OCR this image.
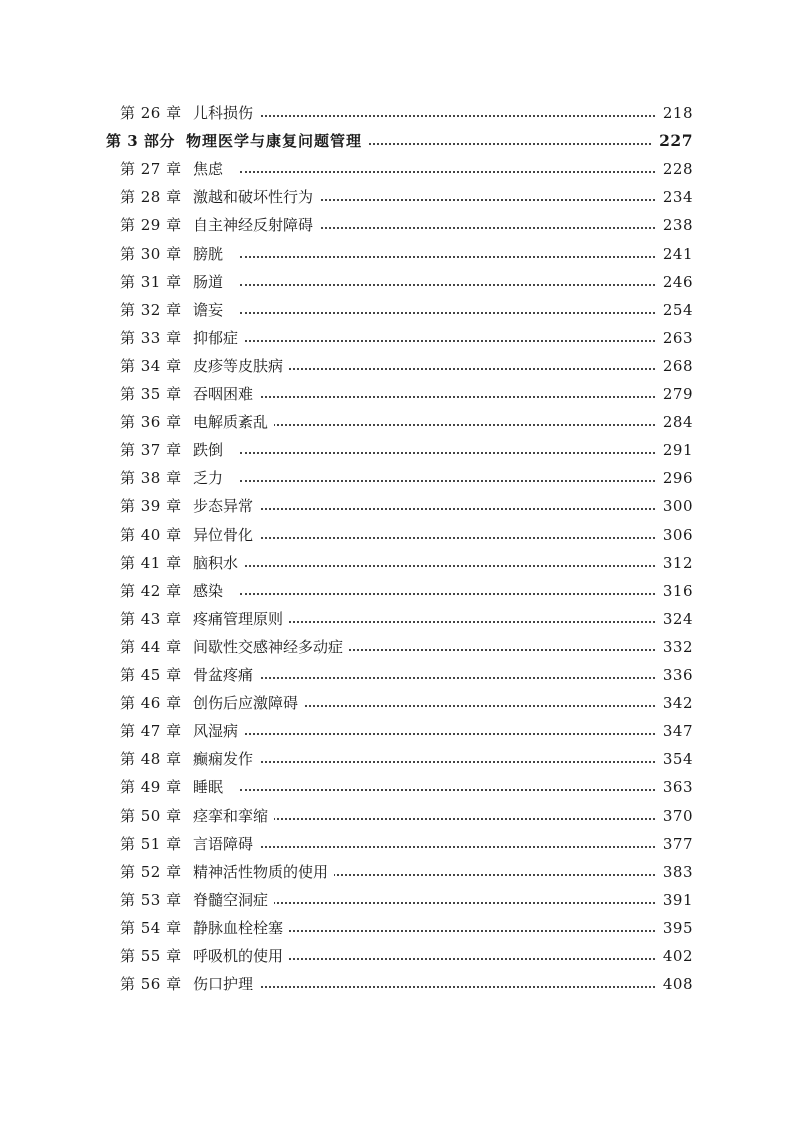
第 26 章 儿科损伤	218
第 3 部分 物理医学与康复问题管理	227
第 27 章 焦虑	228
第 28 章 激越和破坏性行为	234
第 29 章 自主神经反射障碍	238
第 30 章 膀胱	241
第 31 章 肠道	246
第 32 章 谵妄	254
第 33 章 抑郁症	263
第 34 章 皮疹等皮肤病	268
第 35 章 吞咽困难	279
第 36 章 电解质紊乱	284
第 37 章 跌倒	291
第 38 章 乏力	296
第 39 章 步态异常	300
第 40 章 异位骨化	306
第 41 章 脑积水	312
第 42 章 感染	316
第 43 章 疼痛管理原则	324
第 44 章 间歇性交感神经多动症	332
第 45 章 骨盆疼痛	336
第 46 章 创伤后应激障碍	342
第 47 章 风湿病	347
第 48 章 癫痫发作	354
第 49 章 睡眠	363
第 50 章 痉挛和挛缩	370
第 51 章 言语障碍	377
第 52 章 精神活性物质的使用	383
第 53 章 脊髓空洞症	391
第 54 章 静脉血栓栓塞	395
第 55 章 呼吸机的使用	402
第 56 章 伤口护理	408
